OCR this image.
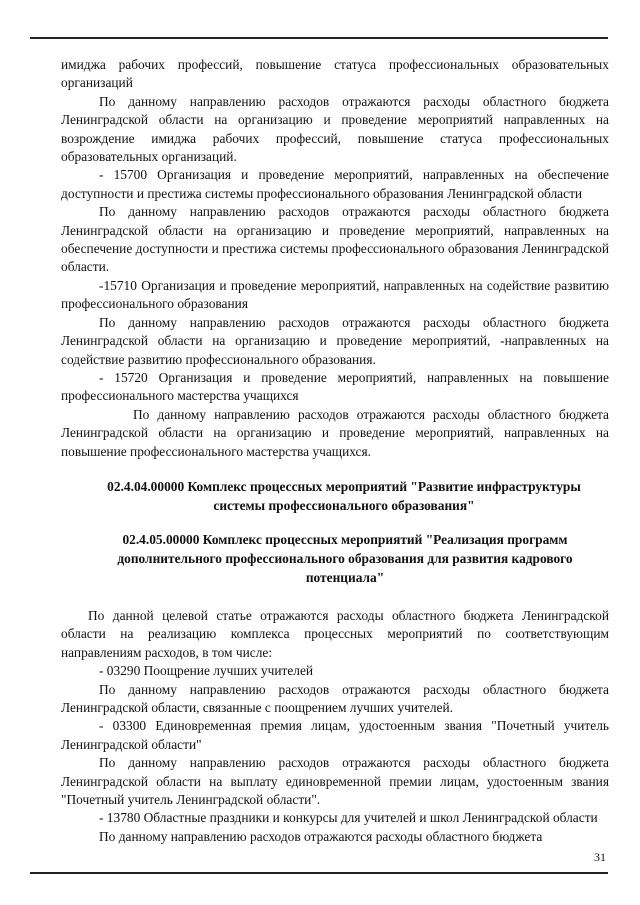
имиджа рабочих профессий, повышение статуса профессиональных образовательных организаций

По данному направлению расходов отражаются расходы областного бюджета Ленинградской области на организацию и проведение мероприятий направленных на возрождение имиджа рабочих профессий, повышение статуса профессиональных образовательных организаций.

- 15700 Организация и проведение мероприятий, направленных на обеспечение доступности и престижа системы профессионального образования Ленинградской области

По данному направлению расходов отражаются расходы областного бюджета Ленинградской области на организацию и проведение мероприятий, направленных на обеспечение доступности и престижа системы профессионального образования Ленинградской области.

-15710 Организация и проведение мероприятий, направленных на содействие развитию профессионального образования

По данному направлению расходов отражаются расходы областного бюджета Ленинградской области на организацию и проведение мероприятий, -направленных на содействие развитию профессионального образования.

- 15720 Организация и проведение мероприятий, направленных на повышение профессионального мастерства учащихся

По данному направлению расходов отражаются расходы областного бюджета Ленинградской области на организацию и проведение мероприятий, направленных на повышение профессионального мастерства учащихся.

02.4.04.00000 Комплекс процессных мероприятий "Развитие инфраструктуры системы профессионального образования"

02.4.05.00000 Комплекс процессных мероприятий "Реализация программ дополнительного профессионального образования для развития кадрового потенциала"

По данной целевой статье отражаются расходы областного бюджета Ленинградской области на реализацию комплекса процессных мероприятий по соответствующим направлениям расходов, в том числе:

- 03290 Поощрение лучших учителей

По данному направлению расходов отражаются расходы областного бюджета Ленинградской области, связанные с поощрением лучших учителей.

- 03300 Единовременная премия лицам, удостоенным звания "Почетный учитель Ленинградской области"

По данному направлению расходов отражаются расходы областного бюджета Ленинградской области на выплату единовременной премии лицам, удостоенным звания "Почетный учитель Ленинградской области".

- 13780 Областные праздники и конкурсы для учителей и школ Ленинградской области

По данному направлению расходов отражаются расходы областного бюджета

31
